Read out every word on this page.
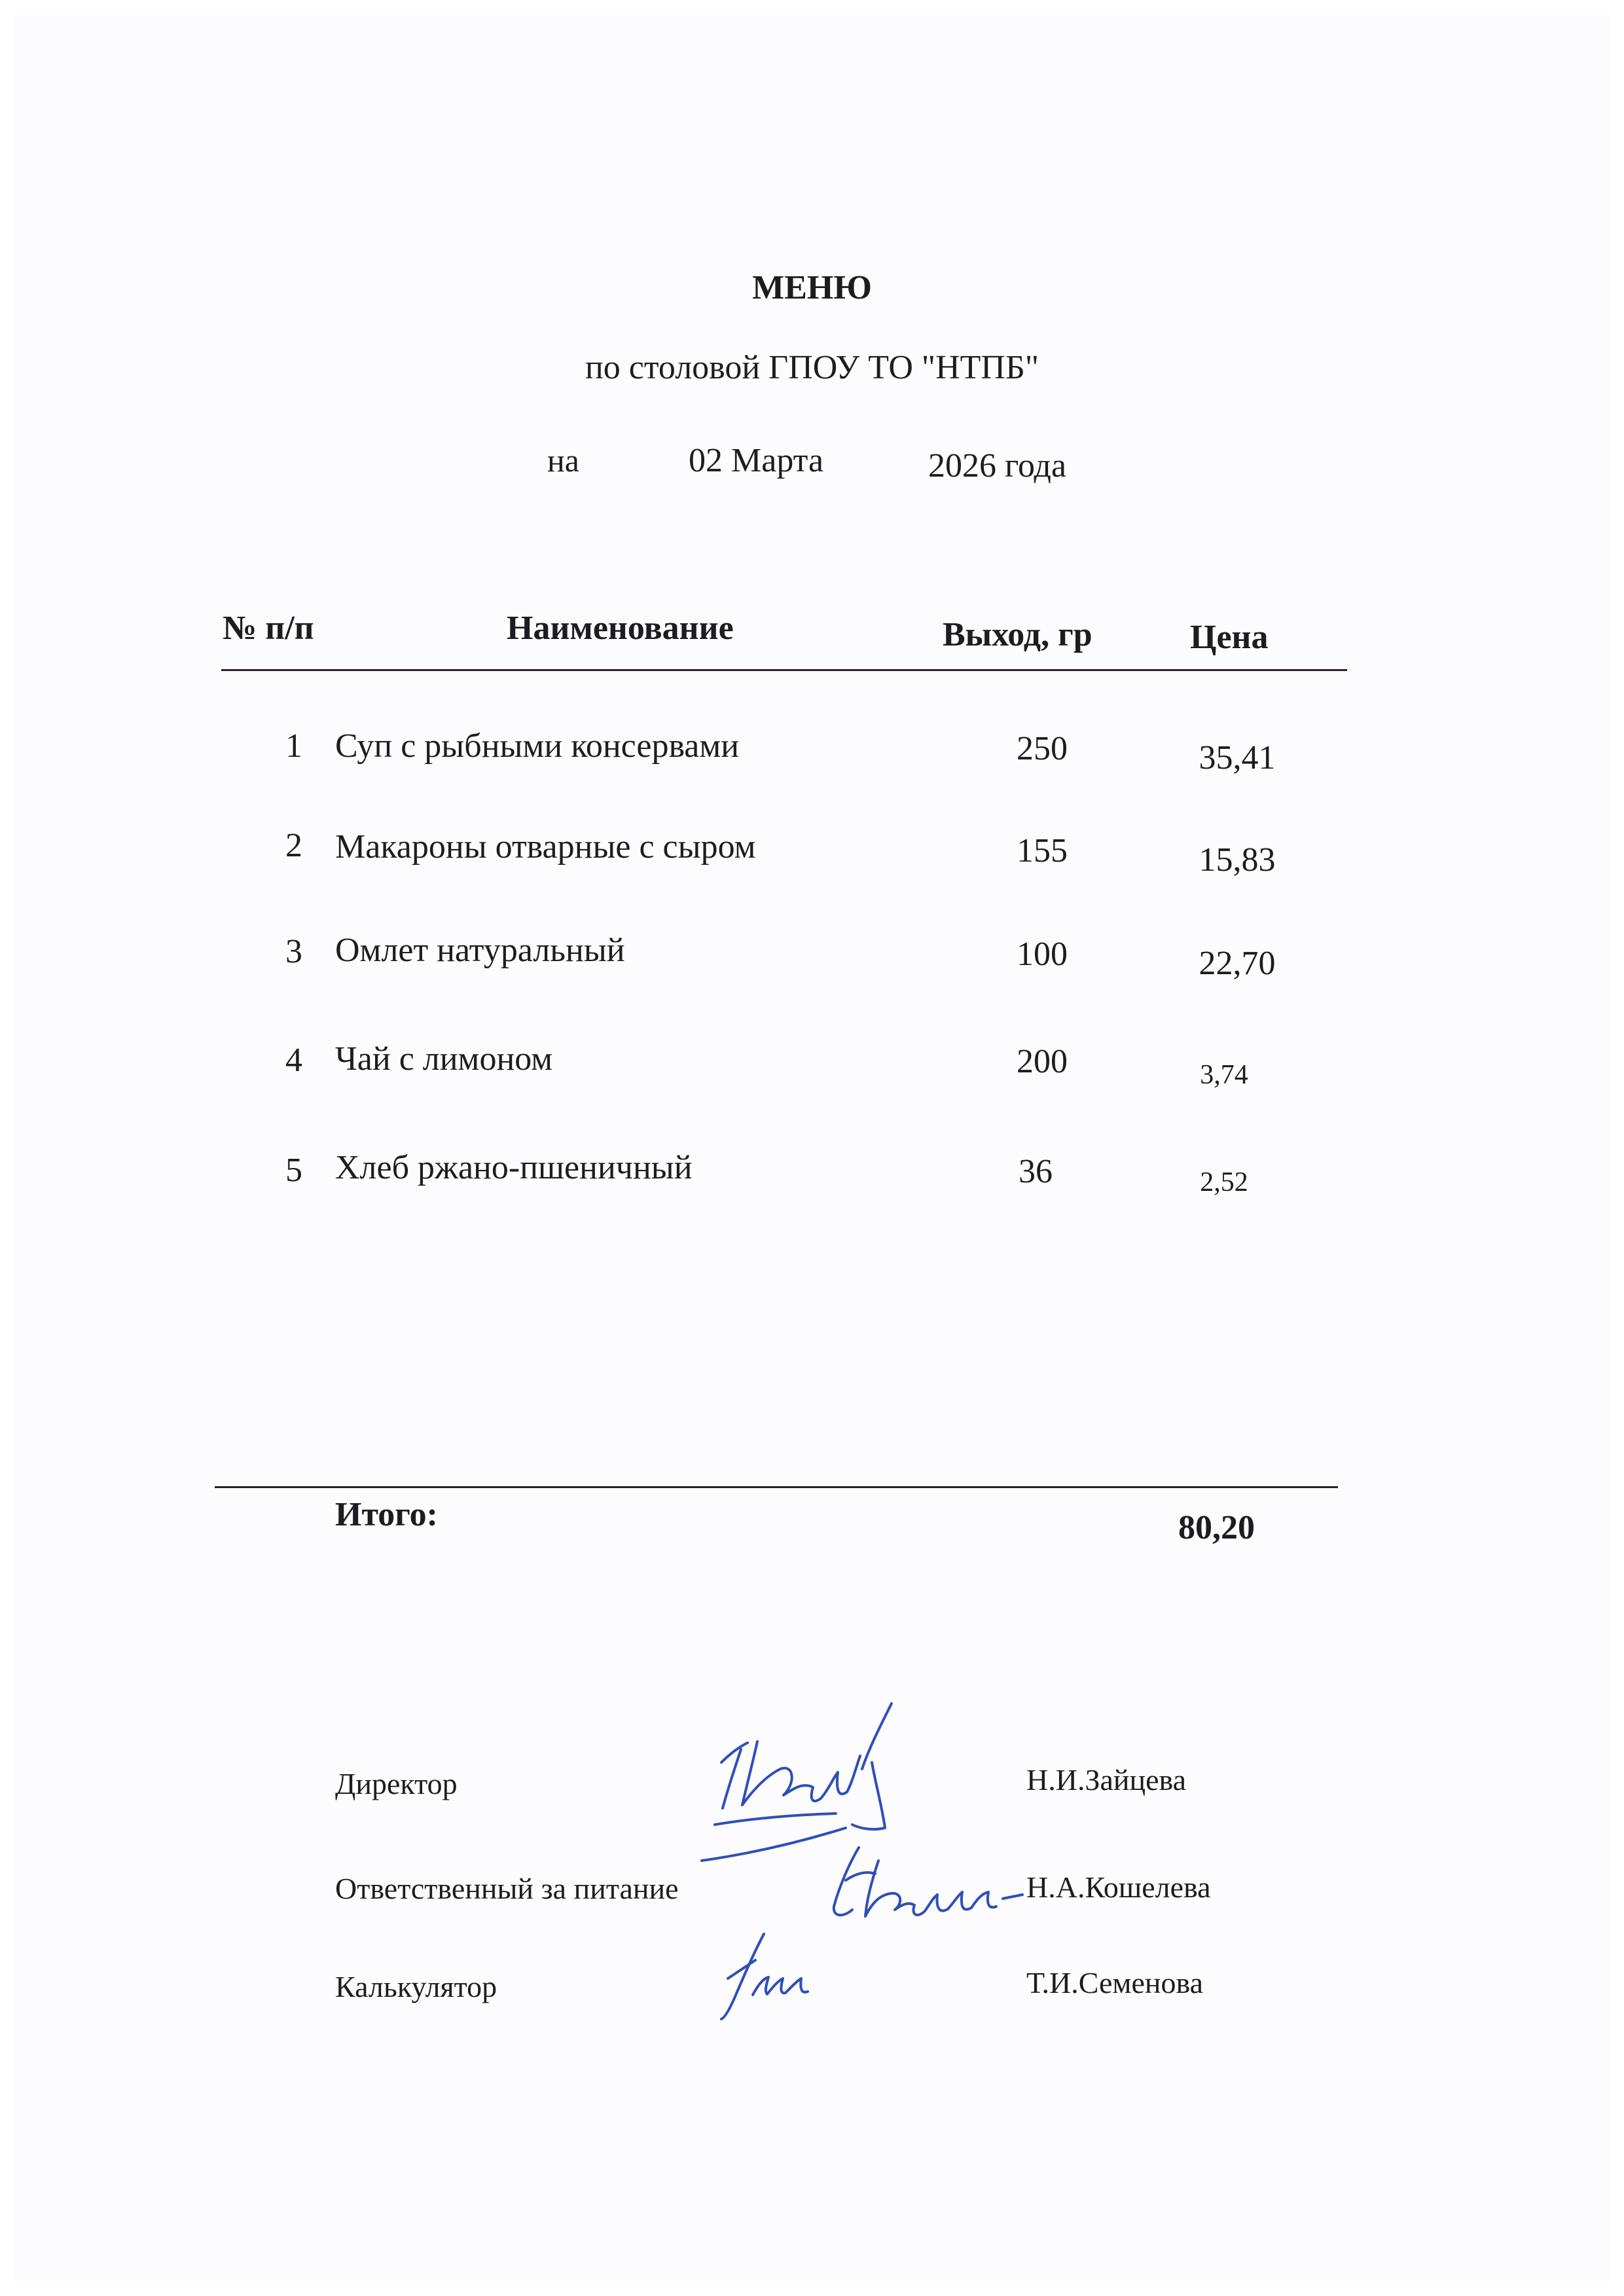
МЕНЮ
по столовой ГПОУ ТО "НТПБ"
на	02 Марта	2026 года
№ п/п	Наименование	Выход, гр	Цена
1 Суп с рыбными консервами	250	35,41
2 Макароны отварные с сыром	155	15,83
3 Омлет натуральный	100	22,70
4 Чай с лимоном	200	3,74
5 Хлеб ржано-пшеничный	36	2,52
Итого:	80,20
Директор	Н.И.Зайцева
Ответственный за питание	Н.А.Кошелева
Калькулятор	Т.И.Семенова
